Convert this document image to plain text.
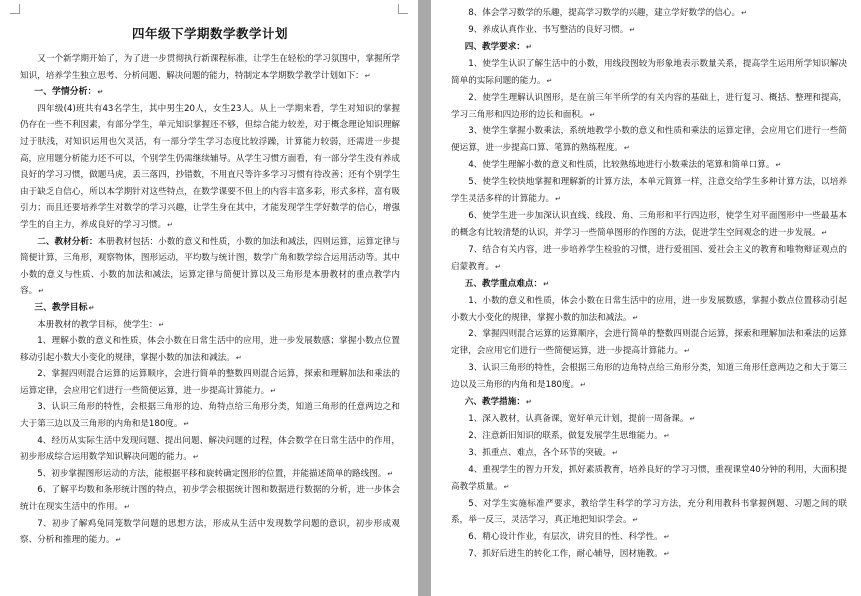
四年级下学期数学教学计划

又一个新学期开始了，为了进一步贯彻执行新课程标准，让学生在轻松的学习氛围中，掌握所学知识，培养学生独立思考、分析问题、解决问题的能力，特制定本学期数学教学计划如下：↵

一、学情分析：↵

四年级(4)班共有43名学生，其中男生20人，女生23人。从上一学期来看，学生对知识的掌握仍存在一些不利因素，有部分学生，单元知识掌握还不够，但综合能力较差，对于概念理论知识理解过于肤浅，对知识运用也欠灵活，有一部分学生学习态度比较浮躁，计算能力较弱，还需进一步提高，应用题分析能力还不可以，个别学生仍需继续辅导。从学生习惯方面看，有一部分学生没有养成良好的学习习惯，做题马虎，丢三落四，抄错数，不用直尺等许多学习习惯有待改善；还有个别学生由于缺乏自信心，所以本学期针对这些特点，在数学课要不但上的内容丰富多彩，形式多样，富有吸引力；而且还要培养学生对数学的学习兴趣，让学生身在其中，才能发现学生学好数学的信心，增强学生的自主力，养成良好的学习习惯。↵

二、教材分析：本册教材包括：小数的意义和性质，小数的加法和减法，四则运算，运算定律与简便计算，三角形，观察物体，图形运动，平均数与统计图，数学广角和数学综合运用活动等。其中小数的意义与性质、小数的加法和减法，运算定律与简便计算以及三角形是本册教材的重点教学内容。↵

三、教学目标↵

本册教材的教学目标，使学生：↵

1、理解小数的意义和性质，体会小数在日常生活中的应用，进一步发展数感；掌握小数点位置移动引起小数大小变化的规律，掌握小数的加法和减法。↵

2、掌握四则混合运算的运算顺序，会进行简单的整数四则混合运算，探索和理解加法和乘法的运算定律，会应用它们进行一些简便运算，进一步提高计算能力。↵

3、认识三角形的特性，会根据三角形的边、角特点给三角形分类，知道三角形的任意两边之和大于第三边以及三角形的内角和是180度。↵

4、经历从实际生活中发现问题、提出问题、解决问题的过程，体会数学在日常生活中的作用，初步形成综合运用数学知识解决问题的能力。↵

5、初步掌握图形运动的方法，能根据平移和旋转确定图形的位置，并能描述简单的路线图。↵

6、了解平均数和条形统计图的特点，初步学会根据统计图和数据进行数据的分析，进一步体会统计在现实生活中的作用。↵

7、初步了解鸡兔同笼数学问题的思想方法，形成从生活中发现数学问题的意识，初步形成观察、分析和推理的能力。↵

8、体会学习数学的乐趣，提高学习数学的兴趣，建立学好数学的信心。↵

9、养成认真作业、书写整洁的良好习惯。↵

四、教学要求：↵

1、使学生认识了解生活中的小数，用线段图较为形象地表示数量关系，提高学生运用所学知识解决简单的实际问题的能力。↵

2、使学生理解认识图形，是在前三年半所学的有关内容的基础上，进行复习、概括、整理和提高，学习三角形和四边形的边长和面积。↵

3、使学生掌握小数乘法，系统地教学小数的意义和性质和乘法的运算定律，会应用它们进行一些简便运算，进一步提高口算、笔算的熟练程度。↵

4、使学生理解小数的意义和性质，比较熟练地进行小数乘法的笔算和简单口算。↵

5、使学生较快地掌握和理解新的计算方法，本单元简算一样，注意交给学生多种计算方法，以培养学生灵活多样的计算能力。↵

6、使学生进一步加深认识直线、线段、角、三角形和平行四边形，使学生对平面图形中一些最基本的概念有比较清楚的认识，并学习一些简单图形的作图的方法，促进学生空间观念的进一步发展。↵

7、结合有关内容，进一步培养学生检验的习惯，进行爱祖国、爱社会主义的教育和唯物辩证观点的启蒙教育。↵

五、教学重点难点：↵

1、小数的意义和性质，体会小数在日常生活中的应用，进一步发展数感，掌握小数点位置移动引起小数大小变化的规律，掌握小数的加法和减法。↵

2、掌握四则混合运算的运算顺序，会进行简单的整数四则混合运算，探索和理解加法和乘法的运算定律，会应用它们进行一些简便运算，进一步提高计算能力。↵

3、认识三角形的特性，会根据三角形的边角特点给三角形分类，知道三角形任意两边之和大于第三边以及三角形的内角和是180度。↵

六、教学措施：↵

1、深入教材，认真备课，宽好单元计划，提前一周备课。↵

2、注意新旧知识的联系，做复发展学生思维能力。↵

3、抓重点、难点，各个环节的突破。↵

4、重视学生的智力开发，抓好素质教育，培养良好的学习习惯，重视课堂40分钟的利用，大面积提高教学质量。↵

5、对学生实施标准严要求，教给学生科学的学习方法，充分利用教科书掌握例题、习题之间的联系，举一反三，灵活学习，真正地把知识学会。↵

6、精心设计作业，有层次，讲究目的性、科学性。↵

7、抓好后进生的转化工作，耐心辅导，因材施教。↵
